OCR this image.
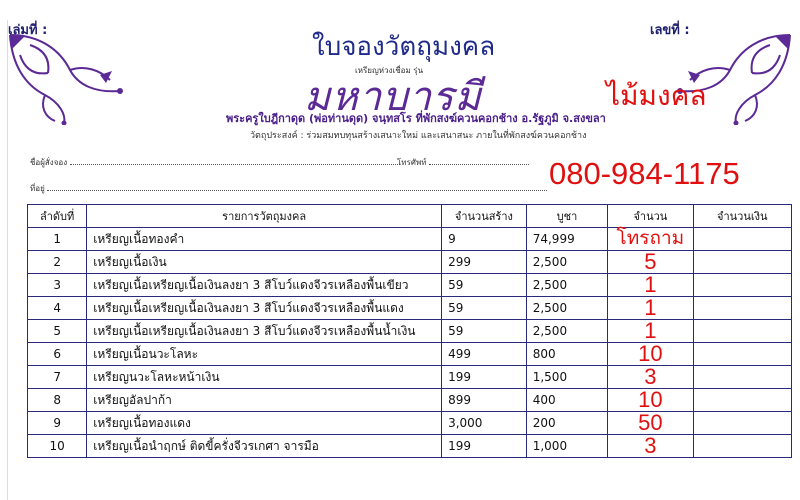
เล่มที่ :	เลขที่ :
ใบจองวัตถุมงคล
มหาบารมี
เหรียญห่วงเชื่อม รุ่น
ไม้มงคล
พระครูใบฎีกาดุด (พ่อท่านดุด) จนฺทสโร ที่พักสงฆ์ควนคอกช้าง อ.รัฐภูมิ จ.สงขลา
วัตถุประสงค์ : ร่วมสมทบทุนสร้างเสนาะใหม่ และเสนาสนะ ภายในที่พักสงฆ์ควนคอกช้าง
ชื่อผู้สั่งจอง	โทรศัพท์
ที่อยู่	080-984-1175
ลำดับที่	รายการวัตถุมงคล	จำนวนสร้าง	บูชา	จำนวน	จำนวนเงิน
1	เหรียญเนื้อทองคำ	9	74,999	โทรถาม	
2	เหรียญเนื้อเงิน	299	2,500	5	
3	เหรียญเนื้อเหรียญเนื้อเงินลงยา 3 สีโบว์แดงจีวรเหลืองพื้นเขียว	59	2,500	1	
4	เหรียญเนื้อเหรียญเนื้อเงินลงยา 3 สีโบว์แดงจีวรเหลืองพื้นแดง	59	2,500	1	
5	เหรียญเนื้อเหรียญเนื้อเงินลงยา 3 สีโบว์แดงจีวรเหลืองพื้นน้ำเงิน	59	2,500	1	
6	เหรียญเนื้อนวะโลหะ	499	800	10	
7	เหรียญนวะโลหะหน้าเงิน	199	1,500	3	
8	เหรียญอัลปาก้า	899	400	10	
9	เหรียญเนื้อทองแดง	3,000	200	50	
10	เหรียญเนื้อนำฤกษ์ ติดขี้ครั่งจีวรเกศา จารมือ	199	1,000	3	
